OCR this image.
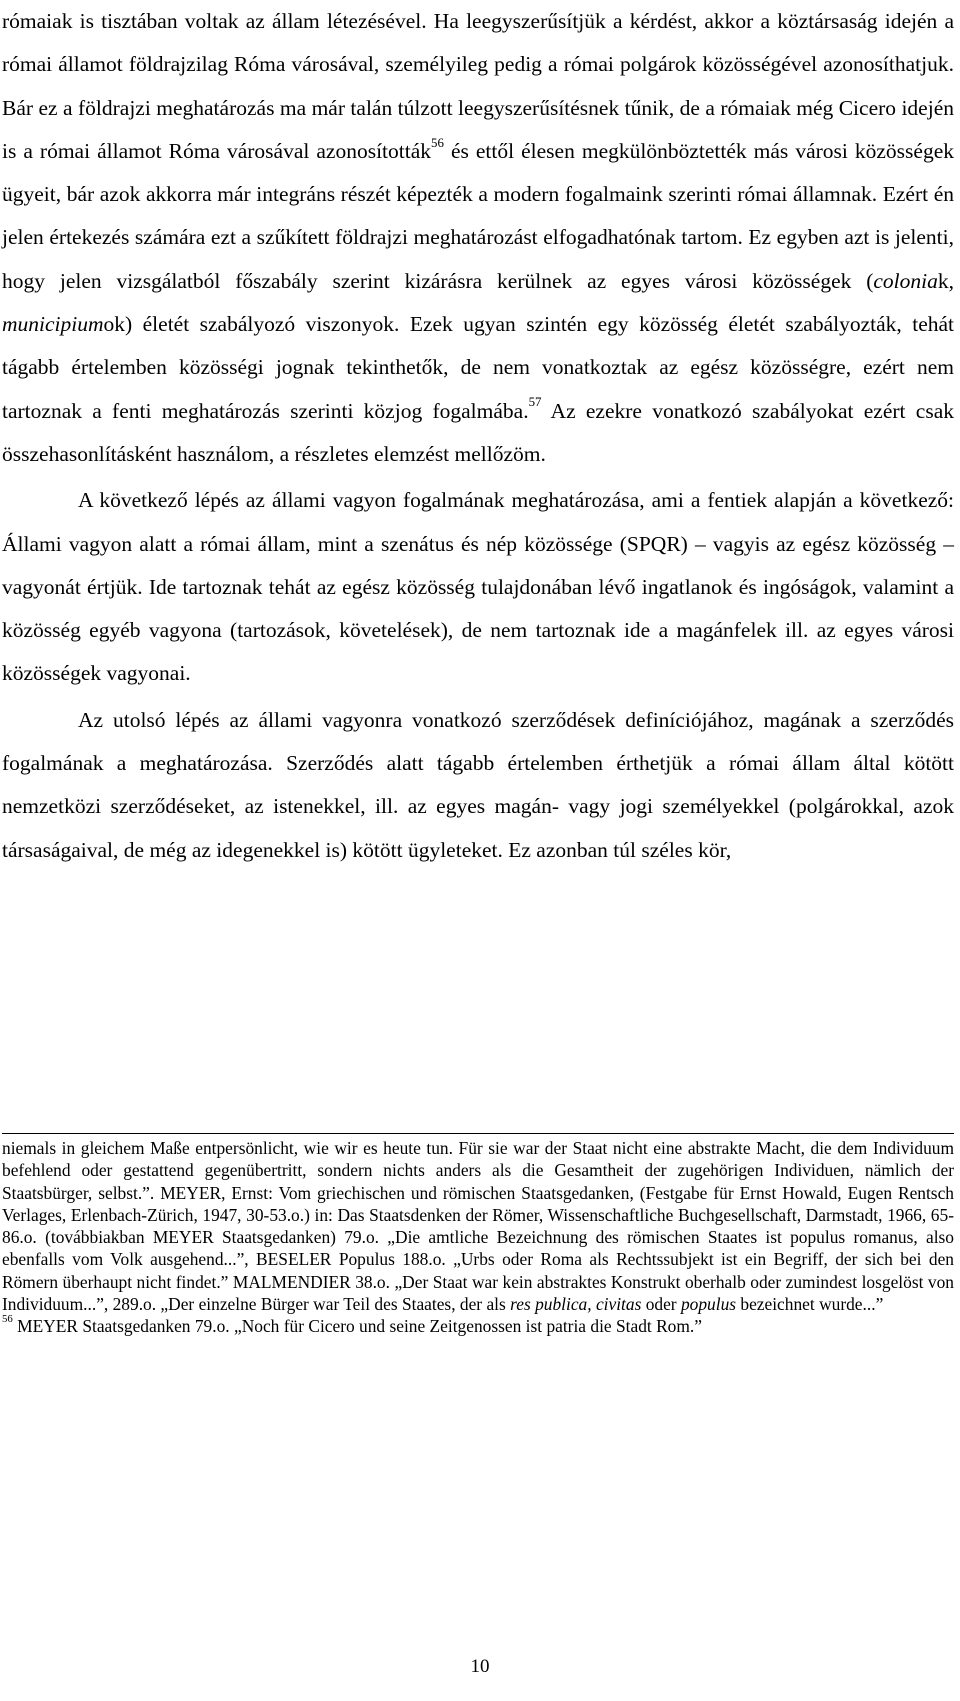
rómaiak is tisztában voltak az állam létezésével. Ha leegyszerűsítjük a kérdést, akkor a köztársaság idején a római államot földrajzilag Róma városával, személyileg pedig a római polgárok közösségével azonosíthatjuk. Bár ez a földrajzi meghatározás ma már talán túlzott leegyszerűsítésnek tűnik, de a rómaiak még Cicero idején is a római államot Róma városával azonosították$^{56}$ és ettől élesen megkülönböztették más városi közösségek ügyeit, bár azok akkorra már integráns részét képezték a modern fogalmaink szerinti római államnak. Ezért én jelen értekezés számára ezt a szűkített földrajzi meghatározást elfogadhatónak tartom. Ez egyben azt is jelenti, hogy jelen vizsgálatból főszabály szerint kizárásra kerülnek az egyes városi közösségek (coloniak, municipiumok) életét szabályozó viszonyok. Ezek ugyan szintén egy közösség életét szabályozták, tehát tágabb értelemben közösségi jognak tekinthetők, de nem vonatkoztak az egész közösségre, ezért nem tartoznak a fenti meghatározás szerinti közjog fogalmába.$^{57}$ Az ezekre vonatkozó szabályokat ezért csak összehasonlításként használom, a részletes elemzést mellőzöm.

A következő lépés az állami vagyon fogalmának meghatározása, ami a fentiek alapján a következő: Állami vagyon alatt a római állam, mint a szenátus és nép közössége (SPQR) – vagyis az egész közösség – vagyonát értjük. Ide tartoznak tehát az egész közösség tulajdonában lévő ingatlanok és ingóságok, valamint a közösség egyéb vagyona (tartozások, követelések), de nem tartoznak ide a magánfelek ill. az egyes városi közösségek vagyonai.

Az utolsó lépés az állami vagyonra vonatkozó szerződések definíciójához, magának a szerződés fogalmának a meghatározása. Szerződés alatt tágabb értelemben érthetjük a római állam által kötött nemzetközi szerződéseket, az istenekkel, ill. az egyes magán- vagy jogi személyekkel (polgárokkal, azok társaságaival, de még az idegenekkel is) kötött ügyleteket. Ez azonban túl széles kör,

niemals in gleichem Maße entpersönlicht, wie wir es heute tun. Für sie war der Staat nicht eine abstrakte Macht, die dem Individuum befehlend oder gestattend gegenübertritt, sondern nichts anders als die Gesamtheit der zugehörigen Individuen, nämlich der Staatsbürger, selbst.”. MEYER, Ernst: Vom griechischen und römischen Staatsgedanken, (Festgabe für Ernst Howald, Eugen Rentsch Verlages, Erlenbach-Zürich, 1947, 30-53.o.) in: Das Staatsdenken der Römer, Wissenschaftliche Buchgesellschaft, Darmstadt, 1966, 65-86.o. (továbbiakban MEYER Staatsgedanken) 79.o. „Die amtliche Bezeichnung des römischen Staates ist populus romanus, also ebenfalls vom Volk ausgehend...”, BESELER Populus 188.o. „Urbs oder Roma als Rechtssubjekt ist ein Begriff, der sich bei den Römern überhaupt nicht findet.” MALMENDIER 38.o. „Der Staat war kein abstraktes Konstrukt oberhalb oder zumindest losgelöst von Individuum...”, 289.o. „Der einzelne Bürger war Teil des Staates, der als res publica, civitas oder populus bezeichnet wurde...”

$^{56}$ MEYER Staatsgedanken 79.o. „Noch für Cicero und seine Zeitgenossen ist patria die Stadt Rom.”

10
